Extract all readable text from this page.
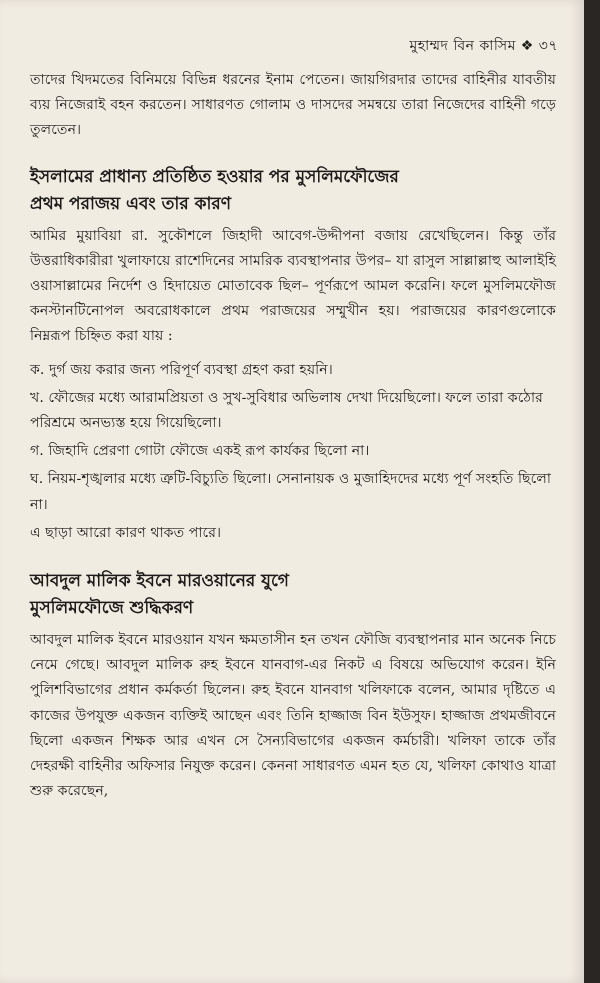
মুহাম্মদ বিন কাসিম ❖ ৩৭

তাদের খিদমতের বিনিময়ে বিভিন্ন ধরনের ইনাম পেতেন। জায়গিরদার তাদের বাহিনীর যাবতীয় ব্যয় নিজেরাই বহন করতেন। সাধারণত গোলাম ও দাসদের সমন্বয়ে তারা নিজেদের বাহিনী গড়ে তুলতেন।

ইসলামের প্রাধান্য প্রতিষ্ঠিত হওয়ার পর মুসলিমফৌজের
প্রথম পরাজয় এবং তার কারণ

আমির মুয়াবিয়া রা. সুকৌশলে জিহাদী আবেগ-উদ্দীপনা বজায় রেখেছিলেন। কিন্তু তাঁর উত্তরাধিকারীরা খুলাফায়ে রাশেদিনের সামরিক ব্যবস্থাপনার উপর– যা রাসুল সাল্লাল্লাহু আলাইহি ওয়াসাল্লামের নির্দেশ ও হিদায়েত মোতাবেক ছিল– পূর্ণরূপে আমল করেনি। ফলে মুসলিমফৌজ কনস্টানটিনোপল অবরোধকালে প্রথম পরাজয়ের সম্মুখীন হয়। পরাজয়ের কারণগুলোকে নিম্নরূপ চিহ্নিত করা যায় :

ক. দুর্গ জয় করার জন্য পরিপূর্ণ ব্যবস্থা গ্রহণ করা হয়নি।

খ. ফৌজের মধ্যে আরামপ্রিয়তা ও সুখ-সুবিধার অভিলাষ দেখা দিয়েছিলো। ফলে তারা কঠোর পরিশ্রমে অনভ্যস্ত হয়ে গিয়েছিলো।

গ. জিহাদি প্রেরণা গোটা ফৌজে একই রূপ কার্যকর ছিলো না।

ঘ. নিয়ম-শৃঙ্খলার মধ্যে ত্রুটি-বিচ্যুতি ছিলো। সেনানায়ক ও মুজাহিদদের মধ্যে পূর্ণ সংহতি ছিলো না।

এ ছাড়া আরো কারণ থাকত পারে।

আবদুল মালিক ইবনে মারওয়ানের যুগে
মুসলিমফৌজে শুদ্ধিকরণ

আবদুল মালিক ইবনে মারওয়ান যখন ক্ষমতাসীন হন তখন ফৌজি ব্যবস্থাপনার মান অনেক নিচে নেমে গেছে। আবদুল মালিক রুহ ইবনে যানবাগ-এর নিকট এ বিষয়ে অভিযোগ করেন। ইনি পুলিশবিভাগের প্রধান কর্মকর্তা ছিলেন। রুহ ইবনে যানবাগ খলিফাকে বলেন, আমার দৃষ্টিতে এ কাজের উপযুক্ত একজন ব্যক্তিই আছেন এবং তিনি হাজ্জাজ বিন ইউসুফ। হাজ্জাজ প্রথমজীবনে ছিলো একজন শিক্ষক আর এখন সে সৈন্যবিভাগের একজন কর্মচারী। খলিফা তাকে তাঁর দেহরক্ষী বাহিনীর অফিসার নিযুক্ত করেন। কেননা সাধারণত এমন হত যে, খলিফা কোথাও যাত্রা শুরু করেছেন,
